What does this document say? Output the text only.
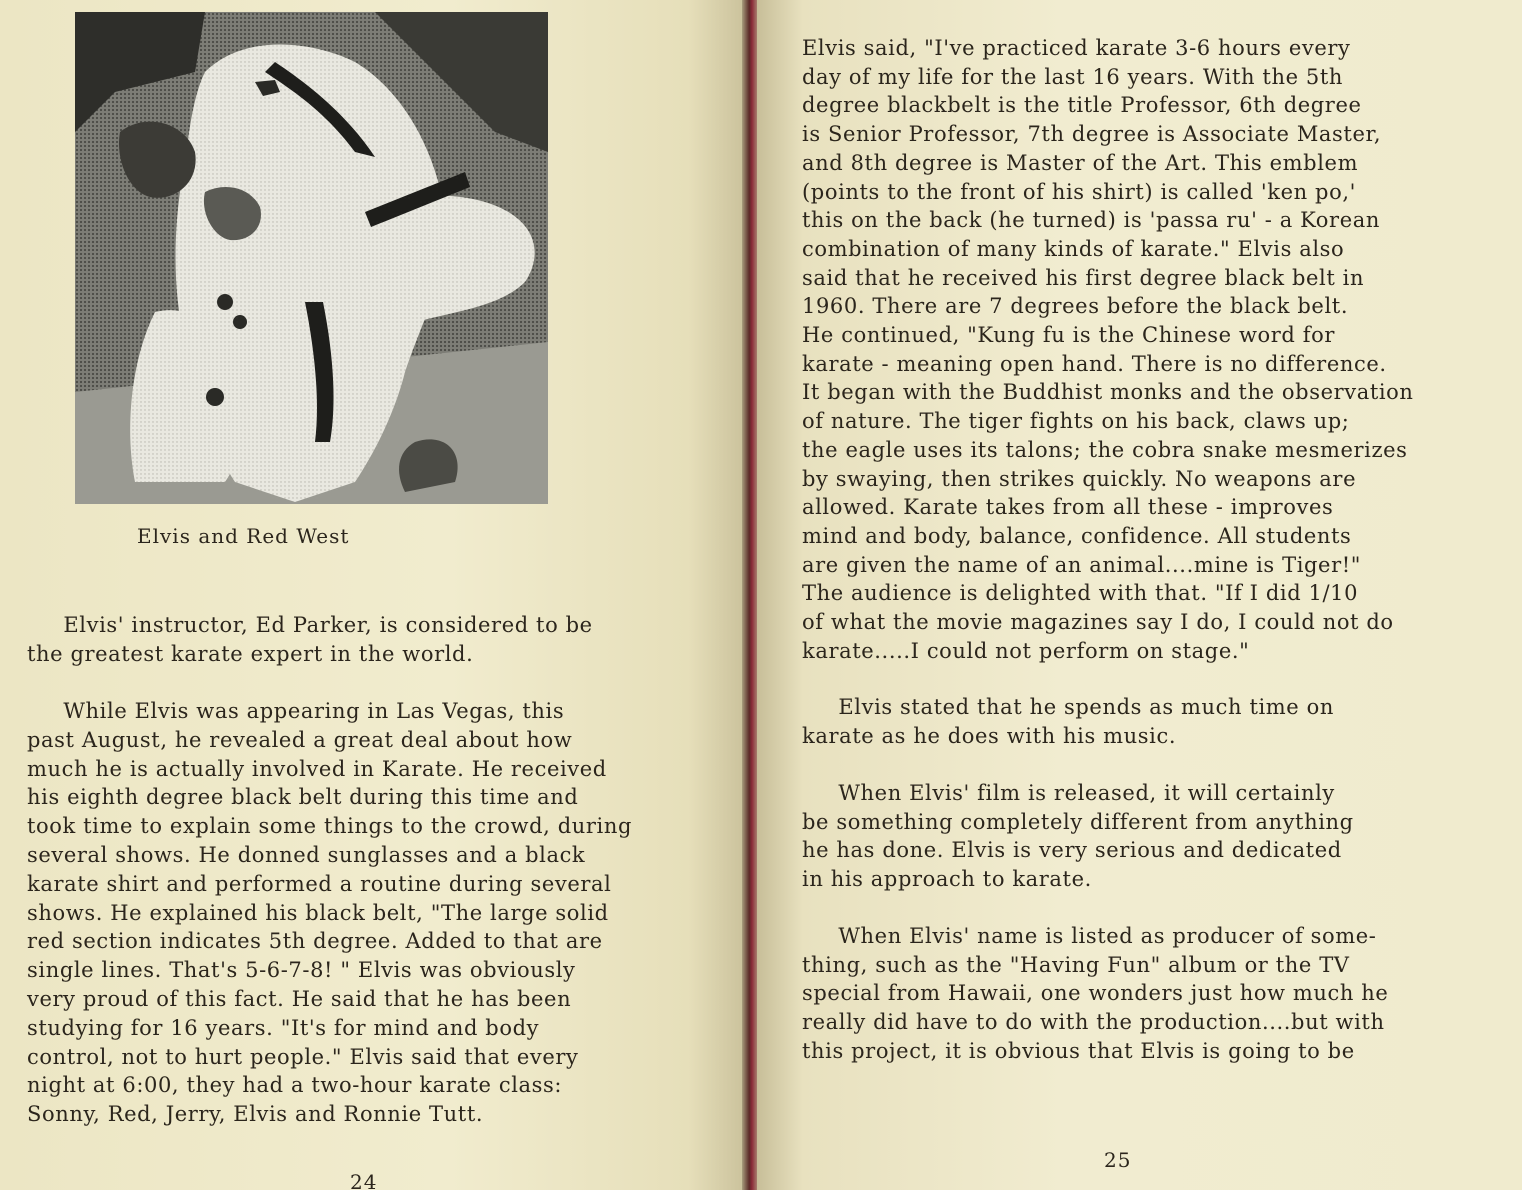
Elvis and Red West

Elvis' instructor, Ed Parker, is considered to be
the greatest karate expert in the world.

While Elvis was appearing in Las Vegas, this
past August, he revealed a great deal about how
much he is actually involved in Karate. He received
his eighth degree black belt during this time and
took time to explain some things to the crowd, during
several shows. He donned sunglasses and a black
karate shirt and performed a routine during several
shows. He explained his black belt, "The large solid
red section indicates 5th degree. Added to that are
single lines. That's 5-6-7-8! " Elvis was obviously
very proud of this fact. He said that he has been
studying for 16 years. "It's for mind and body
control, not to hurt people." Elvis said that every
night at 6:00, they had a two-hour karate class:
Sonny, Red, Jerry, Elvis and Ronnie Tutt.

24

Elvis said, "I've practiced karate 3-6 hours every
day of my life for the last 16 years. With the 5th
degree blackbelt is the title Professor, 6th degree
is Senior Professor, 7th degree is Associate Master,
and 8th degree is Master of the Art. This emblem
(points to the front of his shirt) is called 'ken po,'
this on the back (he turned) is 'passa ru' - a Korean
combination of many kinds of karate." Elvis also
said that he received his first degree black belt in
1960. There are 7 degrees before the black belt.
He continued, "Kung fu is the Chinese word for
karate - meaning open hand. There is no difference.
It began with the Buddhist monks and the observation
of nature. The tiger fights on his back, claws up;
the eagle uses its talons; the cobra snake mesmerizes
by swaying, then strikes quickly. No weapons are
allowed. Karate takes from all these - improves
mind and body, balance, confidence. All students
are given the name of an animal....mine is Tiger!"
The audience is delighted with that. "If I did 1/10
of what the movie magazines say I do, I could not do
karate.....I could not perform on stage."

Elvis stated that he spends as much time on
karate as he does with his music.

When Elvis' film is released, it will certainly
be something completely different from anything
he has done. Elvis is very serious and dedicated
in his approach to karate.

When Elvis' name is listed as producer of some-
thing, such as the "Having Fun" album or the TV
special from Hawaii, one wonders just how much he
really did have to do with the production....but with
this project, it is obvious that Elvis is going to be

25
